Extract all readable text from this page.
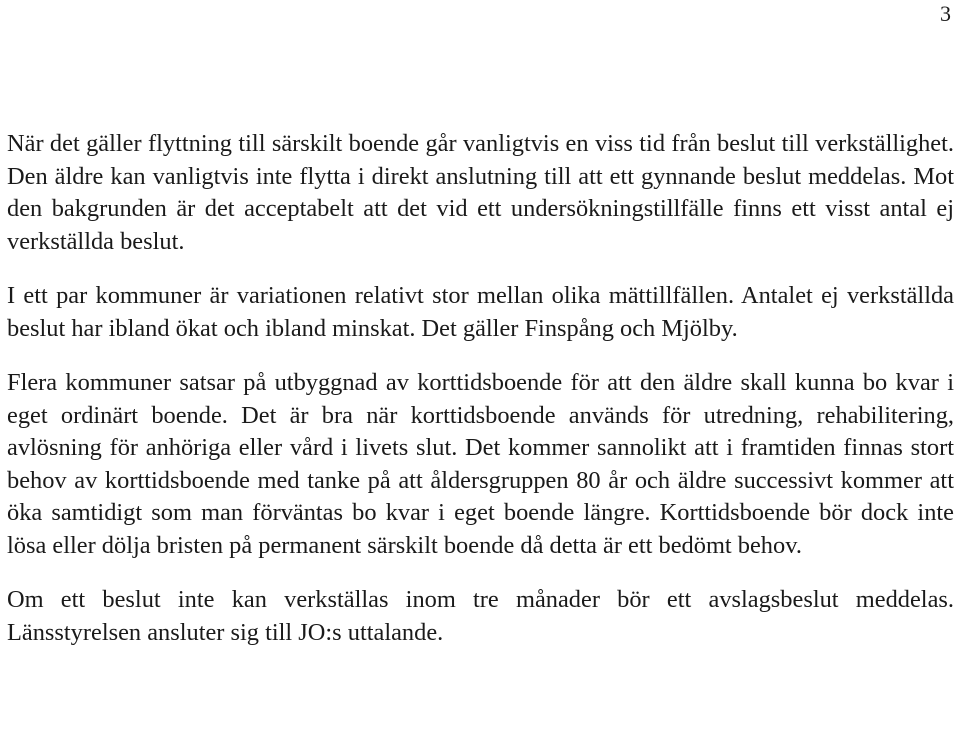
3

När det gäller flyttning till särskilt boende går vanligtvis en viss tid från beslut till verkställighet. Den äldre kan vanligtvis inte flytta i direkt anslutning till att ett gynnande beslut meddelas. Mot den bakgrunden är det acceptabelt att det vid ett undersökningstillfälle finns ett visst antal ej verkställda beslut.

I ett par kommuner är variationen relativt stor mellan olika mättillfällen. Antalet ej verkställda beslut har ibland ökat och ibland minskat. Det gäller Finspång och Mjölby.

Flera kommuner satsar på utbyggnad av korttidsboende för att den äldre skall kunna bo kvar i eget ordinärt boende. Det är bra när korttidsboende används för utredning, rehabilitering, avlösning för anhöriga eller vård i livets slut. Det kommer sannolikt att i framtiden finnas stort behov av korttidsboende med tanke på att åldersgruppen 80 år och äldre successivt kommer att öka samtidigt som man förväntas bo kvar i eget boende längre. Korttidsboende bör dock inte lösa eller dölja bristen på permanent särskilt boende då detta är ett bedömt behov.

Om ett beslut inte kan verkställas inom tre månader bör ett avslagsbeslut meddelas. Länsstyrelsen ansluter sig till JO:s uttalande.
